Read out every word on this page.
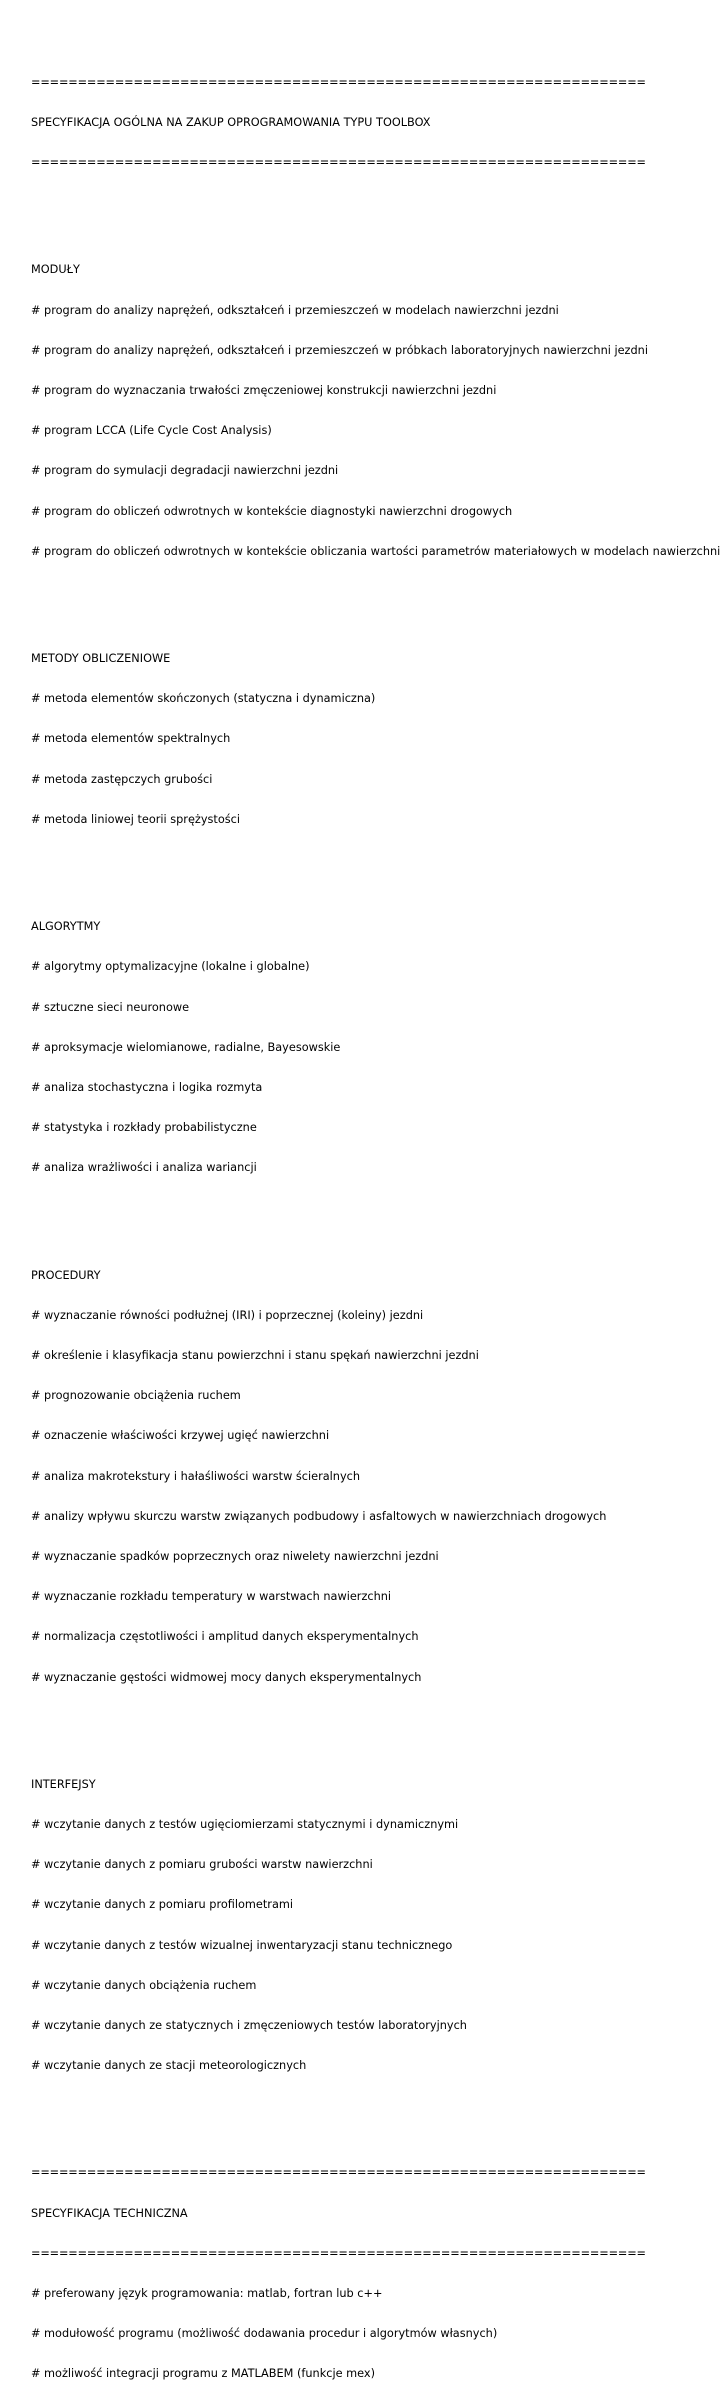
==================================================================

SPECYFIKACJA OGÓLNA NA ZAKUP OPROGRAMOWANIA TYPU TOOLBOX

==================================================================

MODUŁY

# program do analizy naprężeń, odkształceń i przemieszczeń w modelach nawierzchni jezdni

# program do analizy naprężeń, odkształceń i przemieszczeń w próbkach laboratoryjnych nawierzchni jezdni

# program do wyznaczania trwałości zmęczeniowej konstrukcji nawierzchni jezdni

# program LCCA (Life Cycle Cost Analysis)

# program do symulacji degradacji nawierzchni jezdni

# program do obliczeń odwrotnych w kontekście diagnostyki nawierzchni drogowych

# program do obliczeń odwrotnych w kontekście obliczania wartości parametrów materiałowych w modelach nawierzchni

METODY OBLICZENIOWE

# metoda elementów skończonych (statyczna i dynamiczna)

# metoda elementów spektralnych

# metoda zastępczych grubości

# metoda liniowej teorii sprężystości

ALGORYTMY

# algorytmy optymalizacyjne (lokalne i globalne)

# sztuczne sieci neuronowe

# aproksymacje wielomianowe, radialne, Bayesowskie

# analiza stochastyczna i logika rozmyta

# statystyka i rozkłady probabilistyczne

# analiza wrażliwości i analiza wariancji

PROCEDURY

# wyznaczanie równości podłużnej (IRI) i poprzecznej (koleiny) jezdni

# określenie i klasyfikacja stanu powierzchni i stanu spękań nawierzchni jezdni

# prognozowanie obciążenia ruchem

# oznaczenie właściwości krzywej ugięć nawierzchni

# analiza makrotekstury i hałaśliwości warstw ścieralnych

# analizy wpływu skurczu warstw związanych podbudowy i asfaltowych w nawierzchniach drogowych

# wyznaczanie spadków poprzecznych oraz niwelety nawierzchni jezdni

# wyznaczanie rozkładu temperatury w warstwach nawierzchni

# normalizacja częstotliwości i amplitud danych eksperymentalnych

# wyznaczanie gęstości widmowej mocy danych eksperymentalnych

INTERFEJSY

# wczytanie danych z testów ugięciomierzami statycznymi i dynamicznymi

# wczytanie danych z pomiaru grubości warstw nawierzchni

# wczytanie danych z pomiaru profilometrami

# wczytanie danych z testów wizualnej inwentaryzacji stanu technicznego

# wczytanie danych obciążenia ruchem

# wczytanie danych ze statycznych i zmęczeniowych testów laboratoryjnych

# wczytanie danych ze stacji meteorologicznych

==================================================================

SPECYFIKACJA TECHNICZNA

==================================================================

# preferowany język programowania: matlab, fortran lub c++

# modułowość programu (możliwość dodawania procedur i algorytmów własnych)

# możliwość integracji programu z MATLABEM (funkcje mex)
